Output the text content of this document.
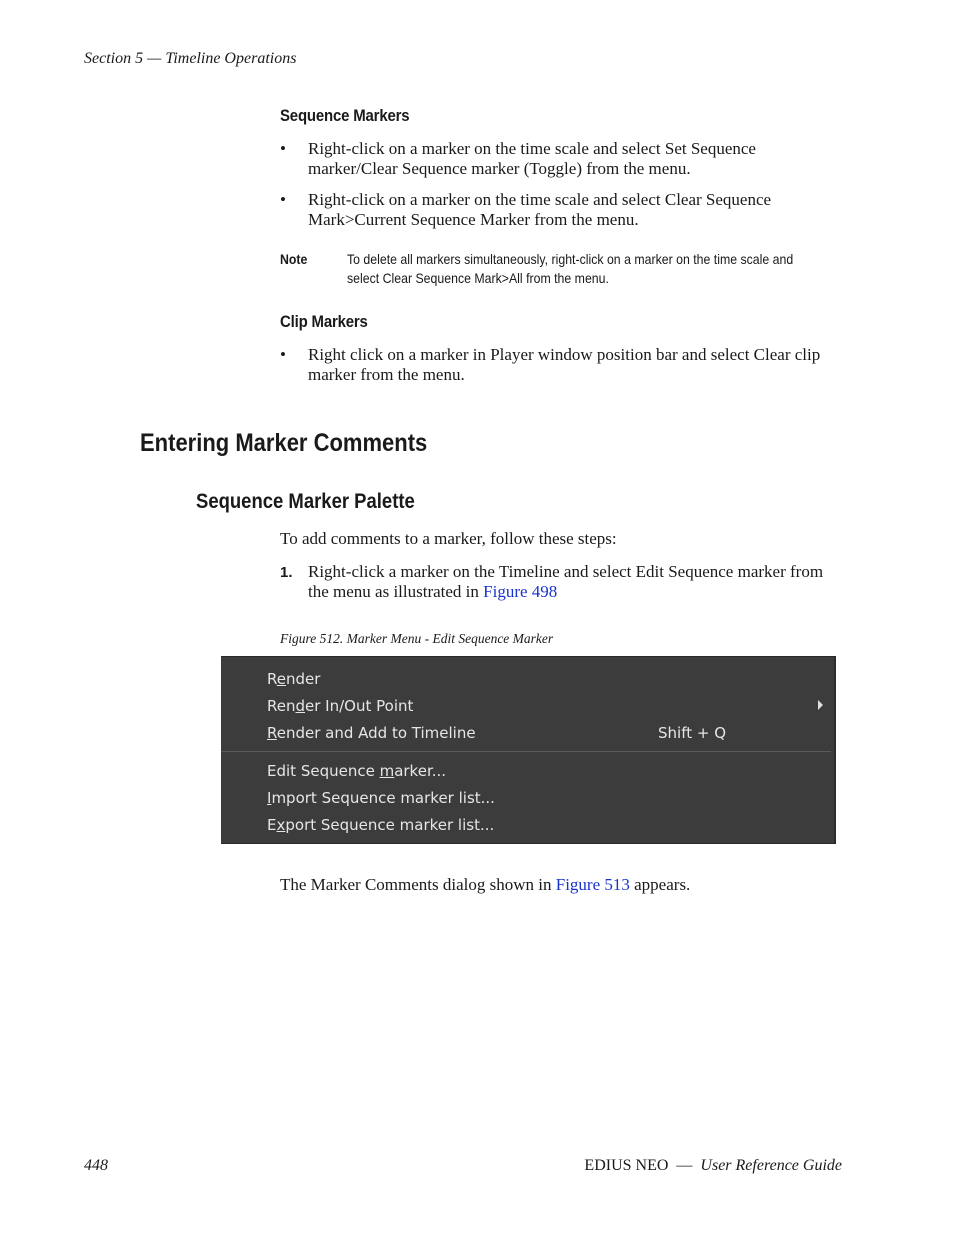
Section 5 — Timeline Operations
Sequence Markers
• Right-click on a marker on the time scale and select Set Sequence marker/Clear Sequence marker (Toggle) from the menu.
• Right-click on a marker on the time scale and select Clear Sequence Mark>Current Sequence Marker from the menu.
Note	To delete all markers simultaneously, right-click on a marker on the time scale and select Clear Sequence Mark>All from the menu.
Clip Markers
• Right click on a marker in Player window position bar and select Clear clip marker from the menu.
Entering Marker Comments
Sequence Marker Palette
To add comments to a marker, follow these steps:
1. Right-click a marker on the Timeline and select Edit Sequence marker from the menu as illustrated in Figure 498
Figure 512. Marker Menu - Edit Sequence Marker
Render
Render In/Out Point
Render and Add to Timeline	Shift + Q
Edit Sequence marker...
Import Sequence marker list...
Export Sequence marker list...
The Marker Comments dialog shown in Figure 513 appears.
448	EDIUS NEO — User Reference Guide
